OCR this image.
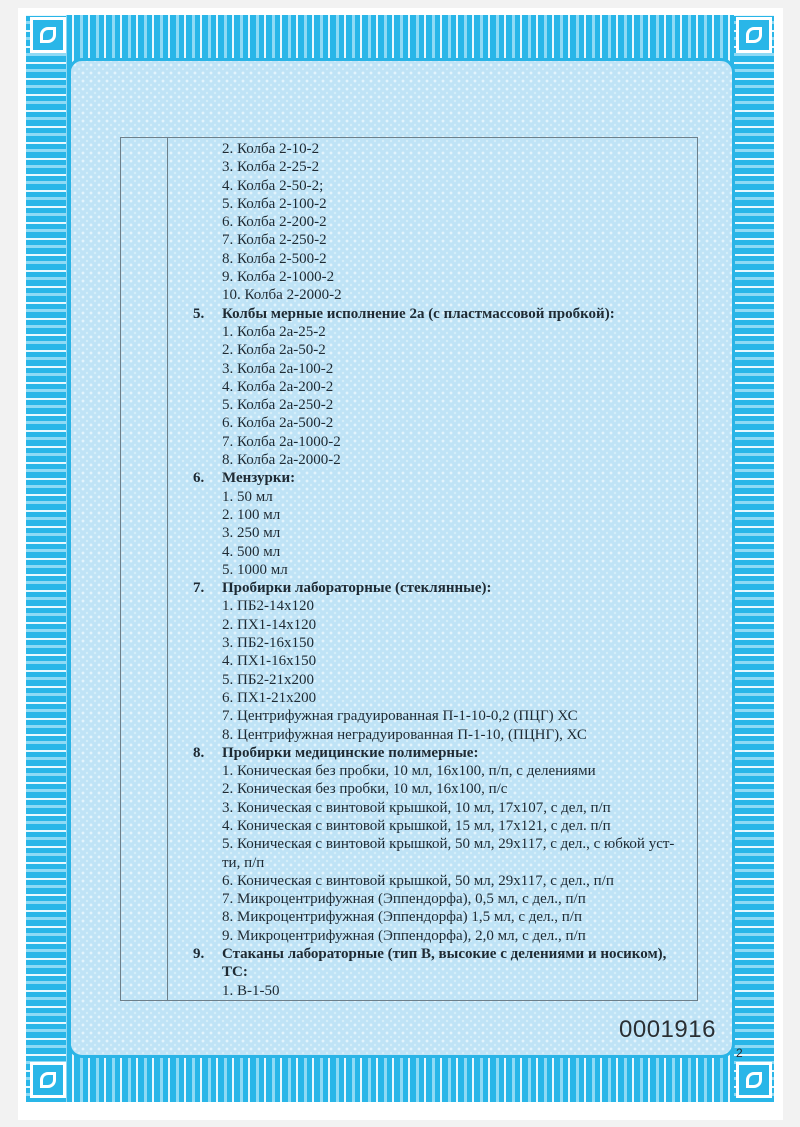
2. Колба 2-10-2
3. Колба 2-25-2
4. Колба 2-50-2;
5. Колба 2-100-2
6. Колба 2-200-2
7. Колба 2-250-2
8. Колба 2-500-2
9. Колба 2-1000-2
10. Колба 2-2000-2
5.	Колбы мерные исполнение 2а (с пластмассовой пробкой):
1. Колба 2а-25-2
2. Колба 2а-50-2
3. Колба 2а-100-2
4. Колба 2а-200-2
5. Колба 2а-250-2
6. Колба 2а-500-2
7. Колба 2а-1000-2
8. Колба 2а-2000-2
6.	Мензурки:
1. 50 мл
2. 100 мл
3. 250 мл
4. 500 мл
5. 1000 мл
7.	Пробирки лабораторные (стеклянные):
1. ПБ2-14х120
2. ПХ1-14х120
3. ПБ2-16х150
4. ПХ1-16х150
5. ПБ2-21х200
6. ПХ1-21х200
7. Центрифужная градуированная П-1-10-0,2 (ПЦГ) ХС
8. Центрифужная неградуированная П-1-10, (ПЦНГ), ХС
8.	Пробирки медицинские полимерные:
1. Коническая без пробки, 10 мл, 16х100, п/п, с делениями
2. Коническая без пробки, 10 мл, 16х100, п/с
3. Коническая с винтовой крышкой, 10 мл, 17х107, с дел, п/п
4. Коническая с винтовой крышкой, 15 мл, 17х121, с дел. п/п
5. Коническая с винтовой крышкой, 50 мл, 29х117, с дел., с юбкой уст-ти, п/п
6. Коническая с винтовой крышкой, 50 мл, 29х117, с дел., п/п
7. Микроцентрифужная (Эппендорфа), 0,5 мл, с дел., п/п
8. Микроцентрифужная (Эппендорфа) 1,5 мл, с дел., п/п
9. Микроцентрифужная (Эппендорфа), 2,0 мл, с дел., п/п
9.	Стаканы лабораторные (тип В, высокие с делениями и носиком), ТС:
1. В-1-50
0001916
2
